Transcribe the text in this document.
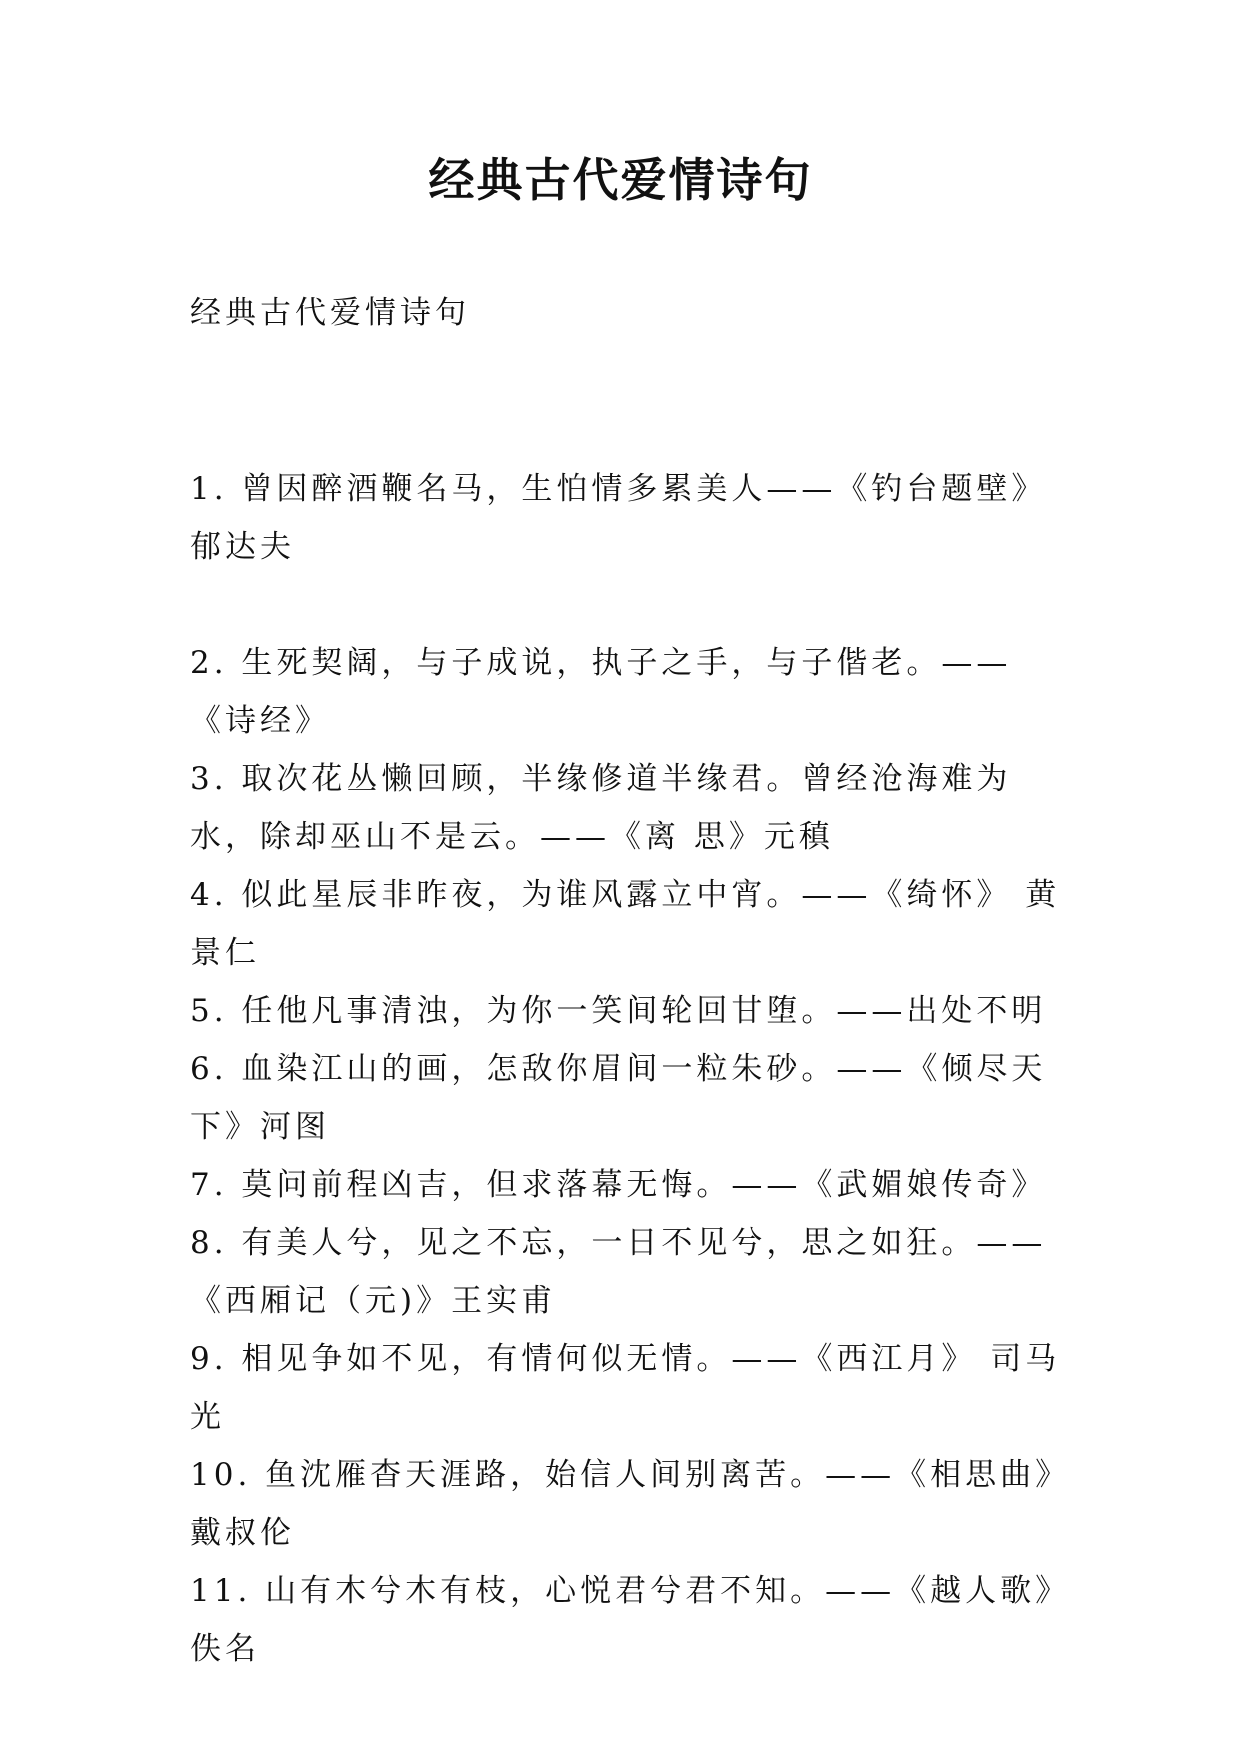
经典古代爱情诗句

经典古代爱情诗句

1. 曾因醉酒鞭名马，生怕情多累美人——《钓台题壁》郁达夫

2. 生死契阔，与子成说，执子之手，与子偕老。——《诗经》

3. 取次花丛懒回顾，半缘修道半缘君。曾经沧海难为水，除却巫山不是云。——《离 思》元稹

4. 似此星辰非昨夜，为谁风露立中宵。——《绮怀》 黄景仁

5. 任他凡事清浊，为你一笑间轮回甘堕。——出处不明

6. 血染江山的画，怎敌你眉间一粒朱砂。——《倾尽天下》河图

7. 莫问前程凶吉，但求落幕无悔。——《武媚娘传奇》

8. 有美人兮，见之不忘，一日不见兮，思之如狂。——《西厢记（元)》王实甫

9. 相见争如不见，有情何似无情。——《西江月》 司马光

10. 鱼沈雁杳天涯路，始信人间别离苦。——《相思曲》戴叔伦

11. 山有木兮木有枝，心悦君兮君不知。——《越人歌》佚名
